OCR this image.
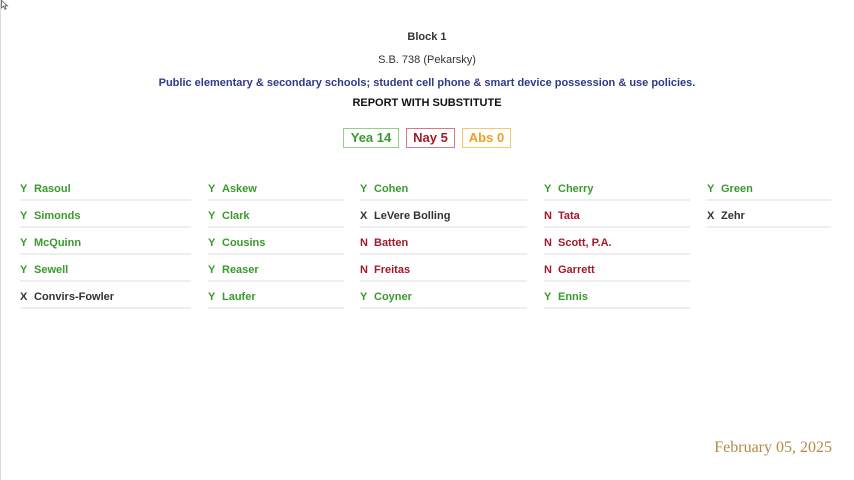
Block 1
S.B. 738 (Pekarsky)
Public elementary & secondary schools; student cell phone & smart device possession & use policies.
REPORT WITH SUBSTITUTE
Yea 14	Nay 5	Abs 0
Y Rasoul
Y Simonds
Y McQuinn
Y Sewell
X Convirs-Fowler
Y Askew
Y Clark
Y Cousins
Y Reaser
Y Laufer
Y Cohen
X LeVere Bolling
N Batten
N Freitas
Y Coyner
Y Cherry
N Tata
N Scott, P.A.
N Garrett
Y Ennis
Y Green
X Zehr
February 05, 2025
